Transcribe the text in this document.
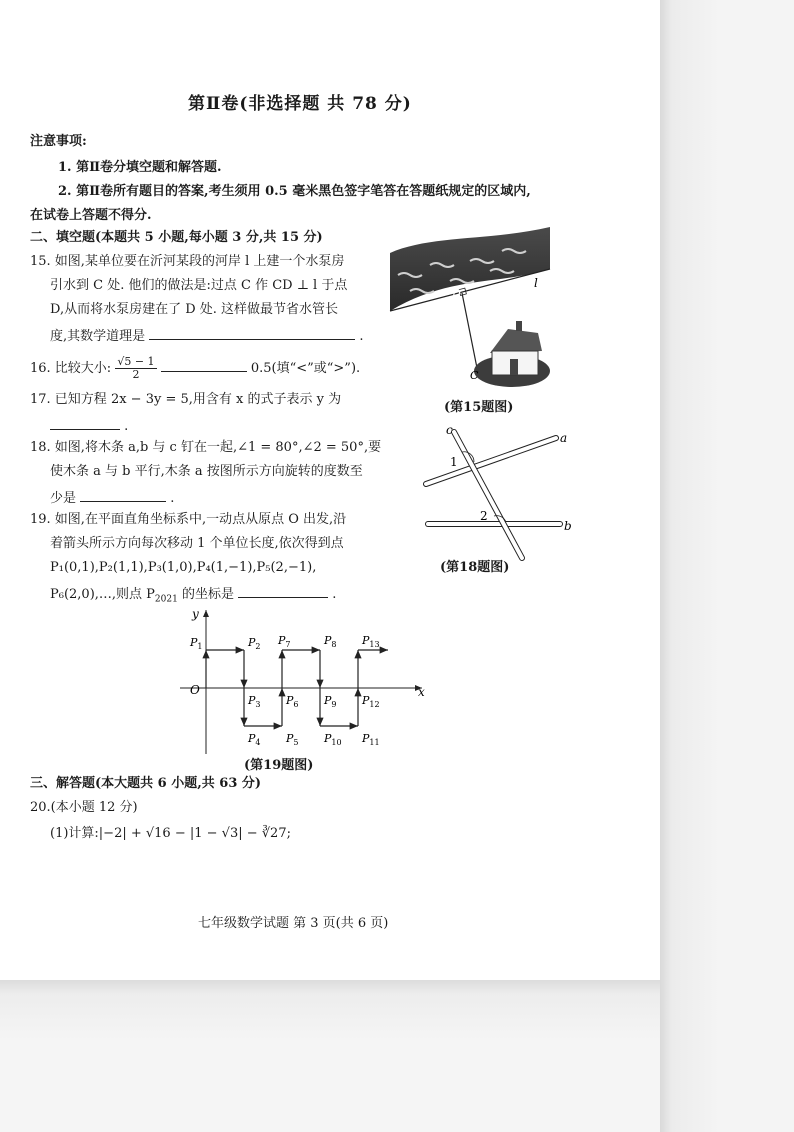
第Ⅱ卷(非选择题 共 78 分)
注意事项:
1. 第Ⅱ卷分填空题和解答题.
2. 第Ⅱ卷所有题目的答案,考生须用 0.5 毫米黑色签字笔答在答题纸规定的区域内,
在试卷上答题不得分.
二、填空题(本题共 5 小题,每小题 3 分,共 15 分)
15. 如图,某单位要在沂河某段的河岸 l 上建一个水泵房
引水到 C 处. 他们的做法是:过点 C 作 CD ⊥ l 于点
D,从而将水泵房建在了 D 处. 这样做最节省水管长
度,其数学道理是	.
l
D
C
(第15题图)
16. 比较大小: $\frac{√5 - 1}{2}$	0.5(填“<”或“>”).
17. 已知方程 2x − 3y = 5,用含有 x 的式子表示 y 为
.
18. 如图,将木条 a,b 与 c 钉在一起,∠1 = 80°,∠2 = 50°,要
使木条 a 与 b 平行,木条 a 按图所示方向旋转的度数至
少是	.
c
a
b
1
2
(第18题图)
19. 如图,在平面直角坐标系中,一动点从原点 O 出发,沿
着箭头所示方向每次移动 1 个单位长度,依次得到点
P₁(0,1),P₂(1,1),P₃(1,0),P₄(1,−1),P₅(2,−1),
P₆(2,0),…,则点 $P_{2021}$ 的坐标是	.
x
y
O
$P_1$	$P_2$
$P_3$
$P_4$ $P_5$
$P_6$
$P_7$	$P_8$
$P_9$
$P_{10}$ $P_{11}$
$P_{12}$
$P_{13}$
(第19题图)
三、解答题(本大题共 6 小题,共 63 分)
20.(本小题 12 分)
(1)计算:|−2| + √16 − |1 − √3| − ∛27;
七年级数学试题 第 3 页(共 6 页)
